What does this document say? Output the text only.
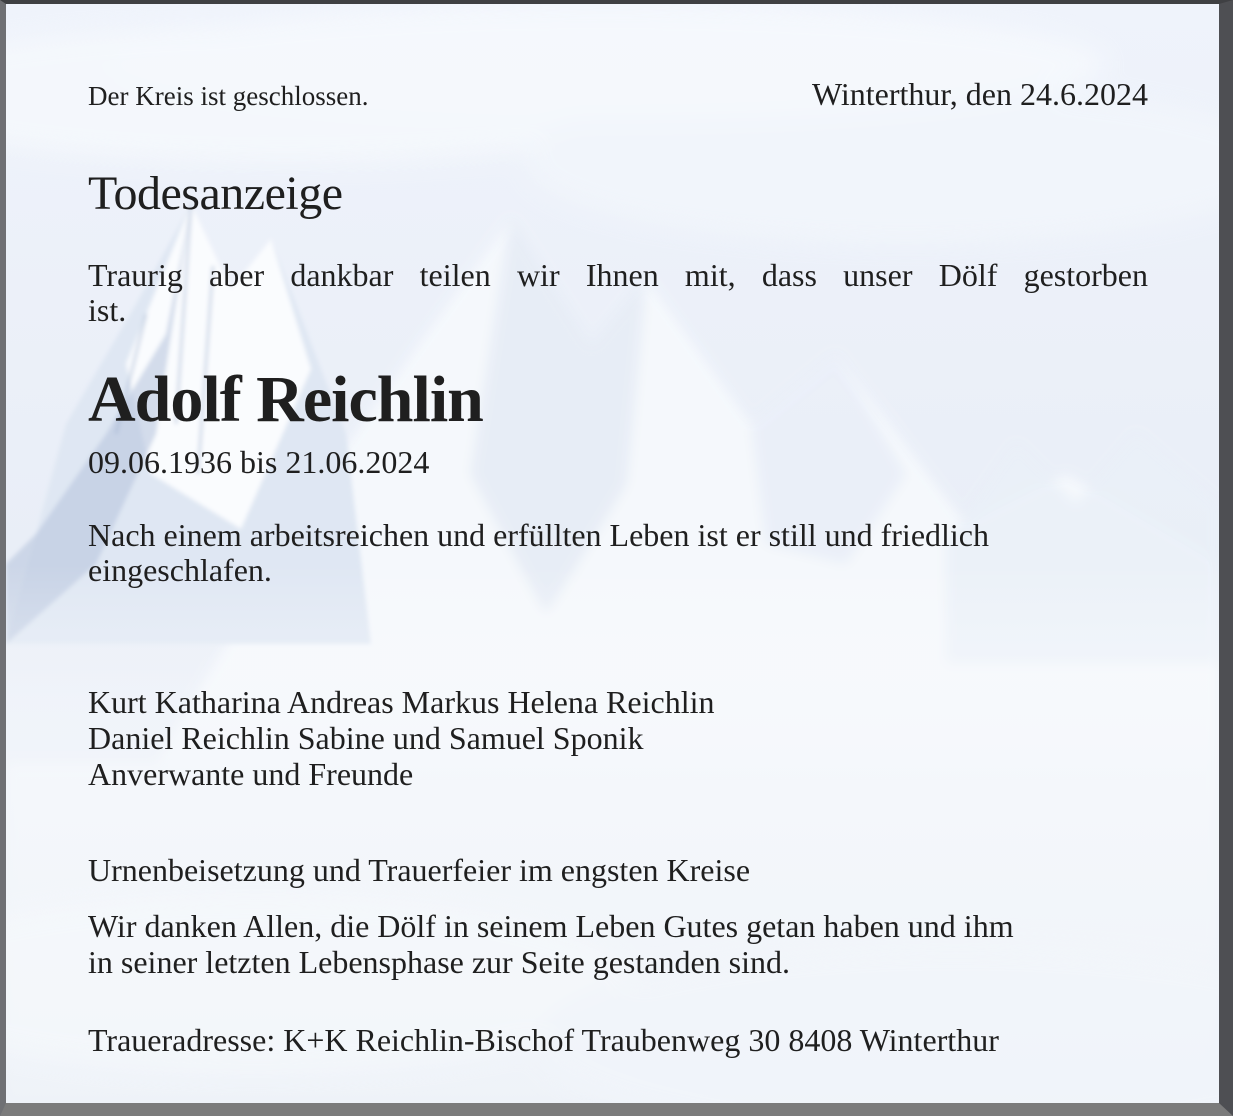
Der Kreis ist geschlossen.	Winterthur, den 24.6.2024
Todesanzeige
Traurig aber dankbar teilen wir Ihnen mit, dass unser Dölf gestorben
ist.
Adolf Reichlin
09.06.1936 bis 21.06.2024
Nach einem arbeitsreichen und erfüllten Leben ist er still und friedlich
eingeschlafen.
Kurt Katharina Andreas Markus Helena Reichlin
Daniel Reichlin Sabine und Samuel Sponik
Anverwante und Freunde
Urnenbeisetzung und Trauerfeier im engsten Kreise
Wir danken Allen, die Dölf in seinem Leben Gutes getan haben und ihm
in seiner letzten Lebensphase zur Seite gestanden sind.
Traueradresse: K+K Reichlin-Bischof Traubenweg 30 8408 Winterthur
